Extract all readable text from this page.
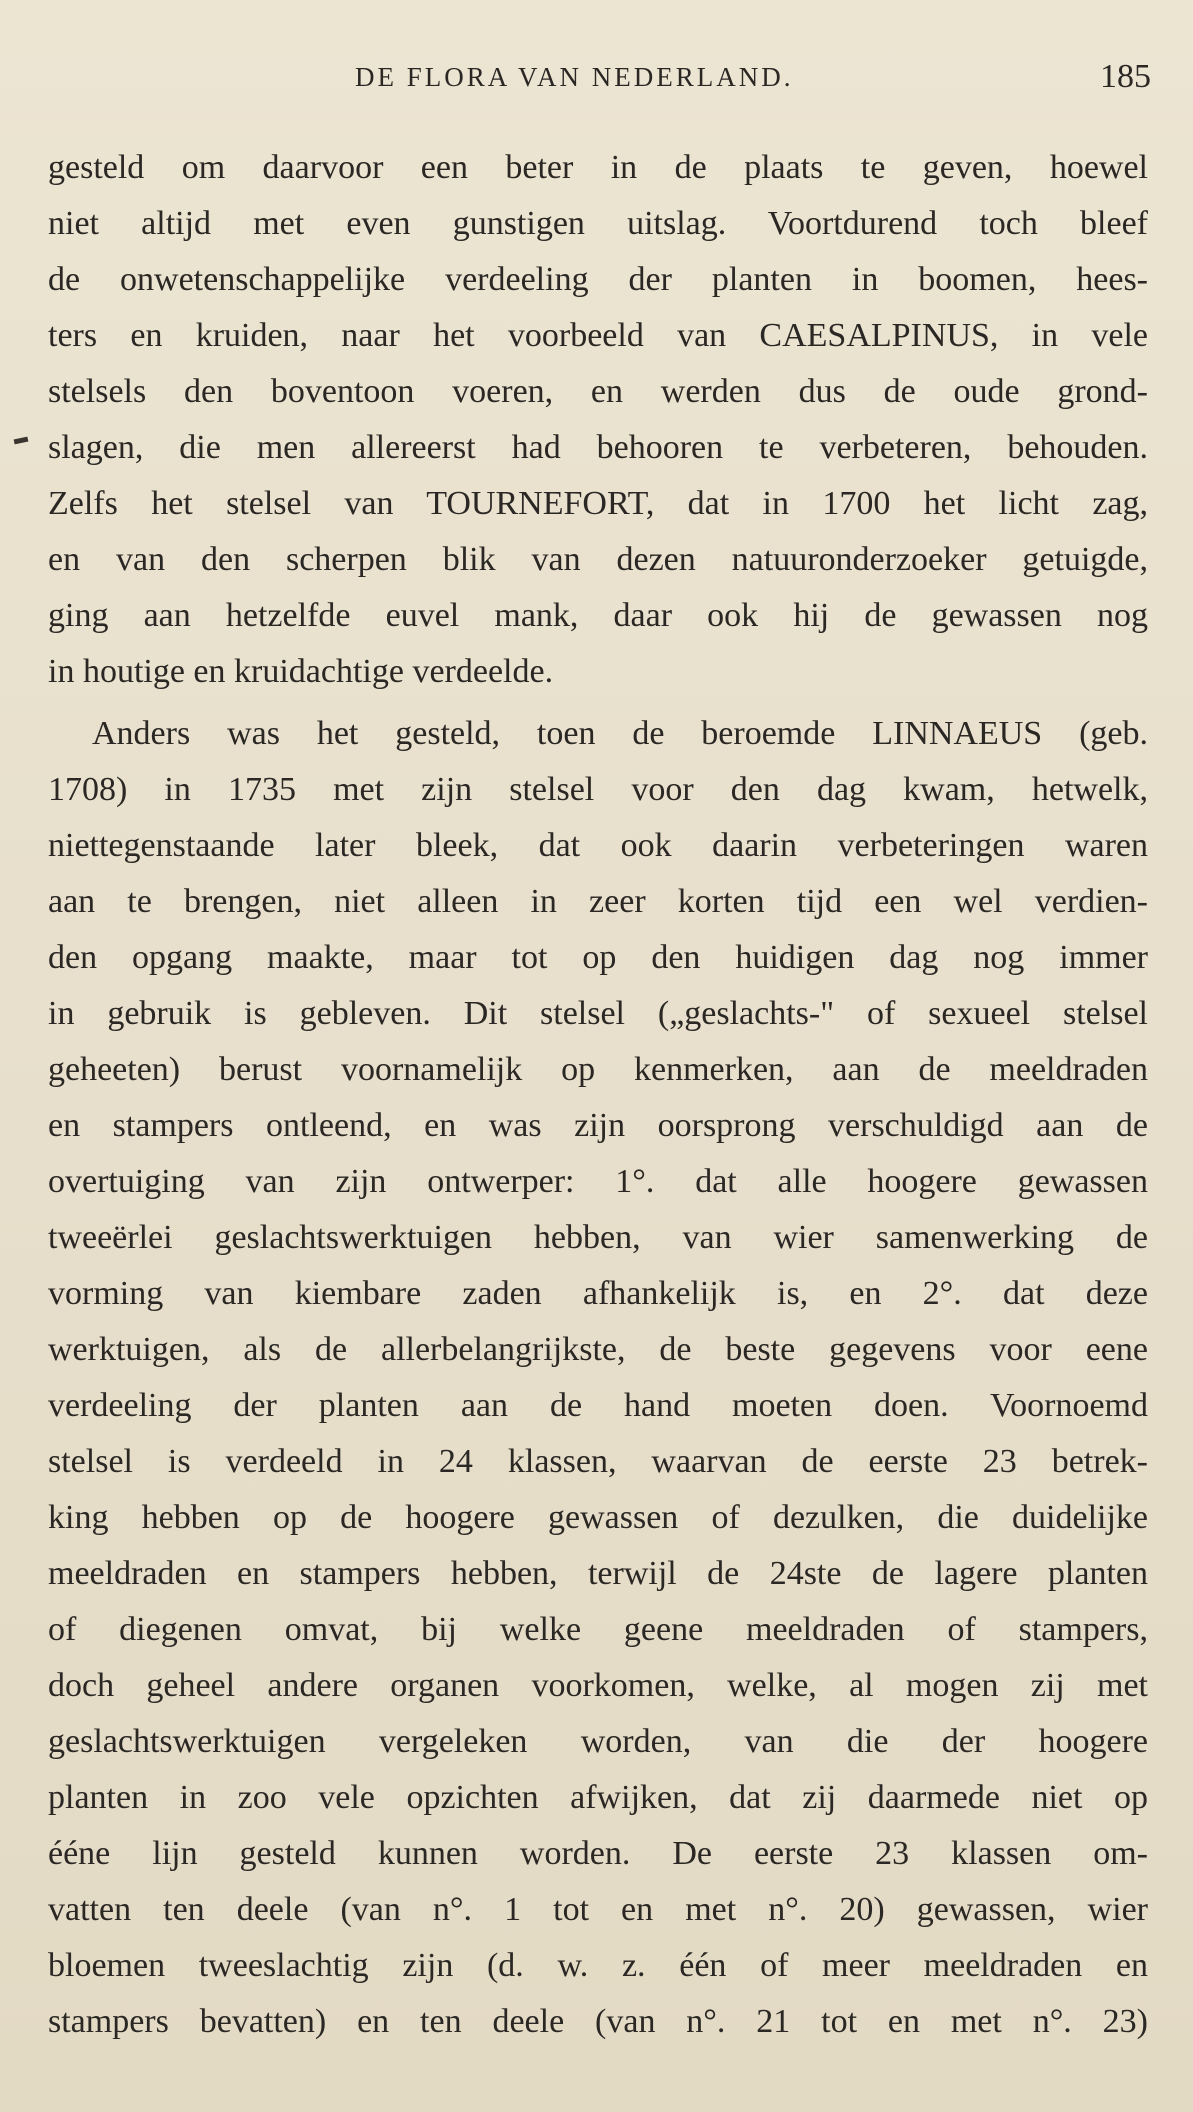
DE FLORA VAN NEDERLAND.	185
gesteld om daarvoor een beter in de plaats te geven, hoewel
niet altijd met even gunstigen uitslag. Voortdurend toch bleef
de onwetenschappelijke verdeeling der planten in boomen, hees-
ters en kruiden, naar het voorbeeld van CAESALPINUS, in vele
stelsels den boventoon voeren, en werden dus de oude grond-
slagen, die men allereerst had behooren te verbeteren, behouden.
Zelfs het stelsel van TOURNEFORT, dat in 1700 het licht zag,
en van den scherpen blik van dezen natuuronderzoeker getuigde,
ging aan hetzelfde euvel mank, daar ook hij de gewassen nog
in houtige en kruidachtige verdeelde.
Anders was het gesteld, toen de beroemde LINNAEUS (geb.
1708) in 1735 met zijn stelsel voor den dag kwam, hetwelk,
niettegenstaande later bleek, dat ook daarin verbeteringen waren
aan te brengen, niet alleen in zeer korten tijd een wel verdien-
den opgang maakte, maar tot op den huidigen dag nog immer
in gebruik is gebleven. Dit stelsel („geslachts-" of sexueel stelsel
geheeten) berust voornamelijk op kenmerken, aan de meeldraden
en stampers ontleend, en was zijn oorsprong verschuldigd aan de
overtuiging van zijn ontwerper: 1°. dat alle hoogere gewassen
tweeërlei geslachtswerktuigen hebben, van wier samenwerking de
vorming van kiembare zaden afhankelijk is, en 2°. dat deze
werktuigen, als de allerbelangrijkste, de beste gegevens voor eene
verdeeling der planten aan de hand moeten doen. Voornoemd
stelsel is verdeeld in 24 klassen, waarvan de eerste 23 betrek-
king hebben op de hoogere gewassen of dezulken, die duidelijke
meeldraden en stampers hebben, terwijl de 24ste de lagere planten
of diegenen omvat, bij welke geene meeldraden of stampers,
doch geheel andere organen voorkomen, welke, al mogen zij met
geslachtswerktuigen vergeleken worden, van die der hoogere
planten in zoo vele opzichten afwijken, dat zij daarmede niet op
ééne lijn gesteld kunnen worden. De eerste 23 klassen om-
vatten ten deele (van n°. 1 tot en met n°. 20) gewassen, wier
bloemen tweeslachtig zijn (d. w. z. één of meer meeldraden en
stampers bevatten) en ten deele (van n°. 21 tot en met n°. 23)
